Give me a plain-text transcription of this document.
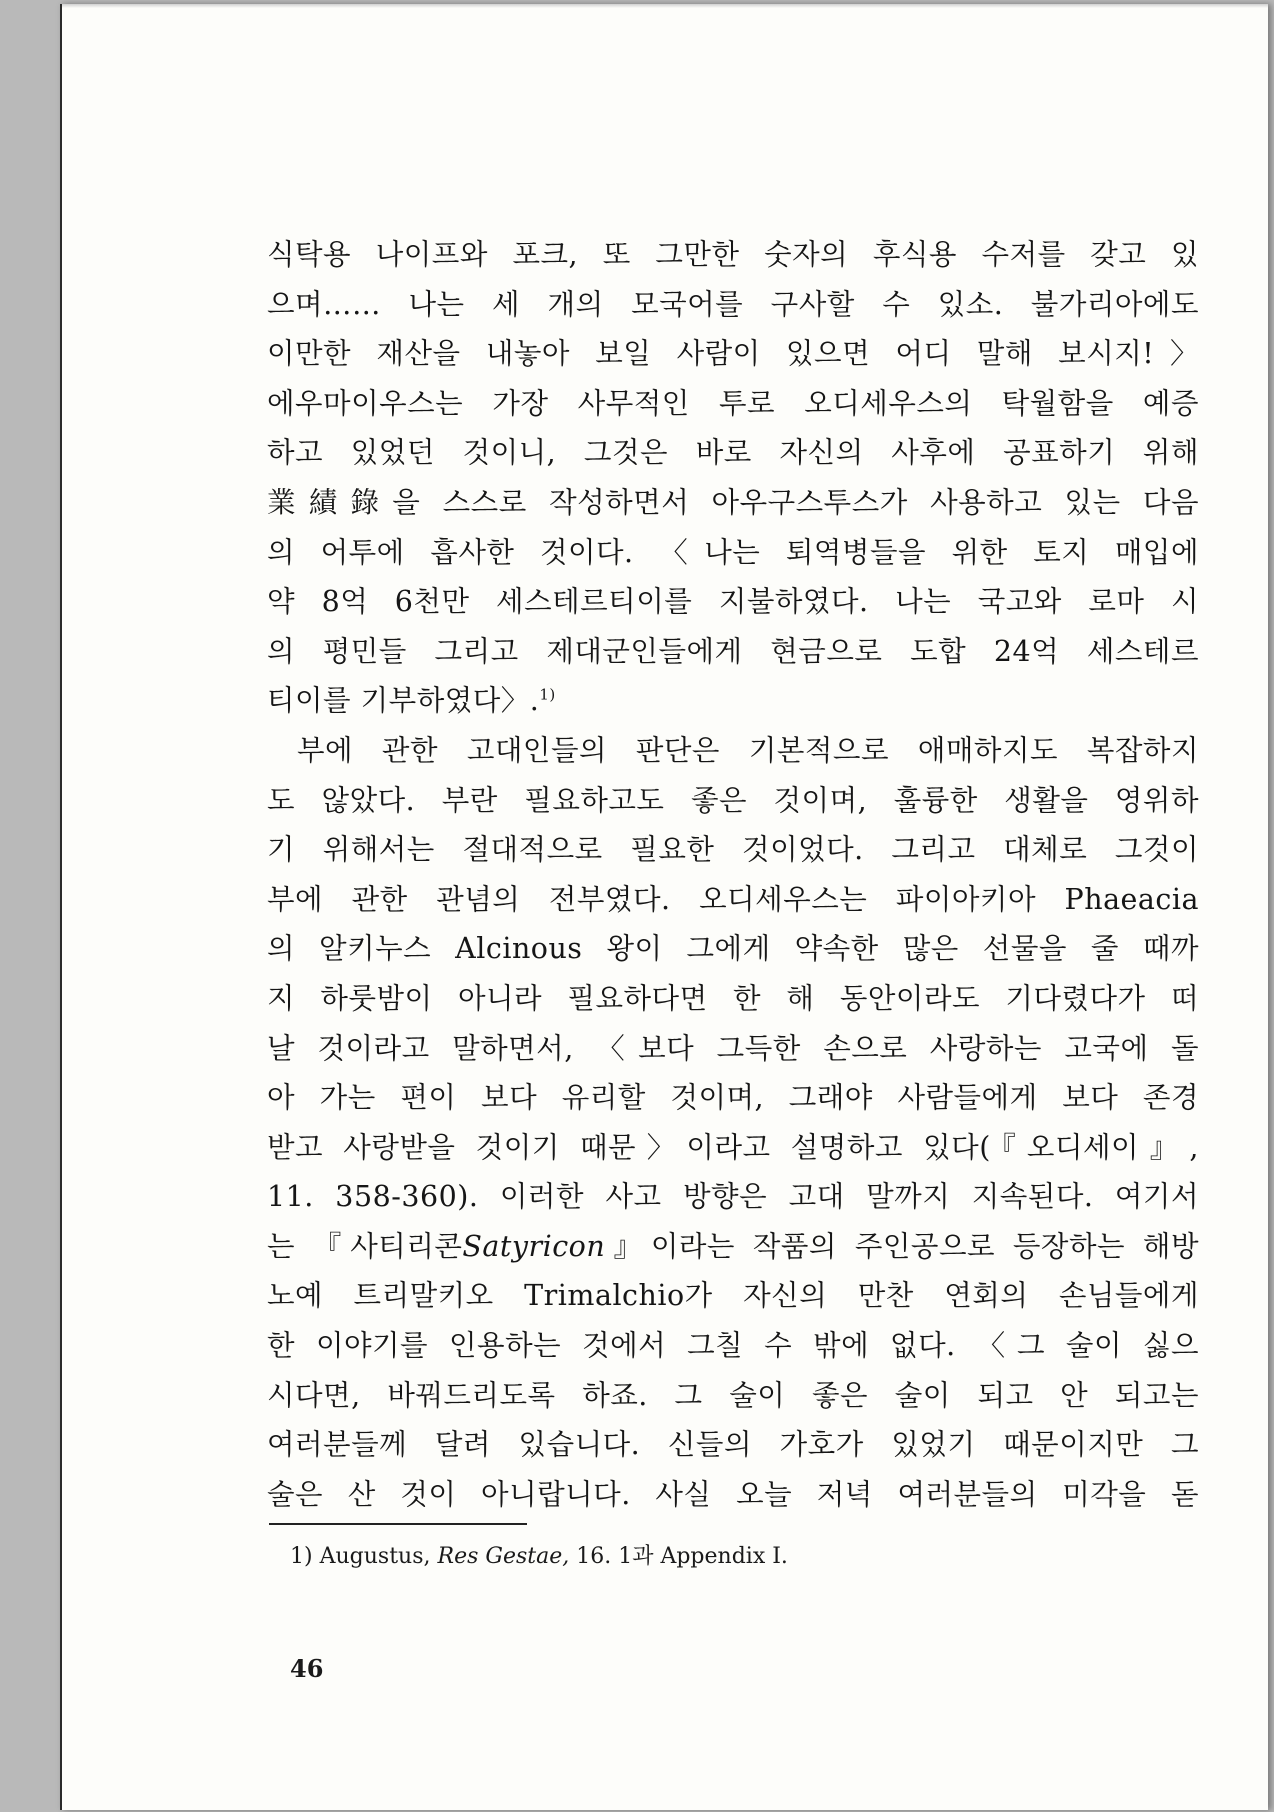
식탁용 나이프와 포크, 또 그만한 숫자의 후식용 수저를 갖고 있
으며…… 나는 세 개의 모국어를 구사할 수 있소. 불가리아에도
이만한 재산을 내놓아 보일 사람이 있으면 어디 말해 보시지!〉
에우마이우스는 가장 사무적인 투로 오디세우스의 탁월함을 예증
하고 있었던 것이니, 그것은 바로 자신의 사후에 공표하기 위해
業績錄을 스스로 작성하면서 아우구스투스가 사용하고 있는 다음
의 어투에 흡사한 것이다. 〈나는 퇴역병들을 위한 토지 매입에
약 8억 6천만 세스테르티이를 지불하였다. 나는 국고와 로마 시
의 평민들 그리고 제대군인들에게 현금으로 도합 24억 세스테르
티이를 기부하였다〉.$^{1)}$
부에 관한 고대인들의 판단은 기본적으로 애매하지도 복잡하지
도 않았다. 부란 필요하고도 좋은 것이며, 훌륭한 생활을 영위하
기 위해서는 절대적으로 필요한 것이었다. 그리고 대체로 그것이
부에 관한 관념의 전부였다. 오디세우스는 파이아키아 Phaeacia
의 알키누스 Alcinous 왕이 그에게 약속한 많은 선물을 줄 때까
지 하룻밤이 아니라 필요하다면 한 해 동안이라도 기다렸다가 떠
날 것이라고 말하면서, 〈보다 그득한 손으로 사랑하는 고국에 돌
아 가는 편이 보다 유리할 것이며, 그래야 사람들에게 보다 존경
받고 사랑받을 것이기 때문〉이라고 설명하고 있다(『오디세이』,
11. 358-360). 이러한 사고 방향은 고대 말까지 지속된다. 여기서
는 『사티리콘Satyricon』이라는 작품의 주인공으로 등장하는 해방
노예 트리말키오 Trimalchio가 자신의 만찬 연회의 손님들에게
한 이야기를 인용하는 것에서 그칠 수 밖에 없다. 〈그 술이 싫으
시다면, 바꿔드리도록 하죠. 그 술이 좋은 술이 되고 안 되고는
여러분들께 달려 있습니다. 신들의 가호가 있었기 때문이지만 그
술은 산 것이 아니랍니다. 사실 오늘 저녁 여러분들의 미각을 돋
1) Augustus, Res Gestae, 16. 1과 Appendix I.
46
